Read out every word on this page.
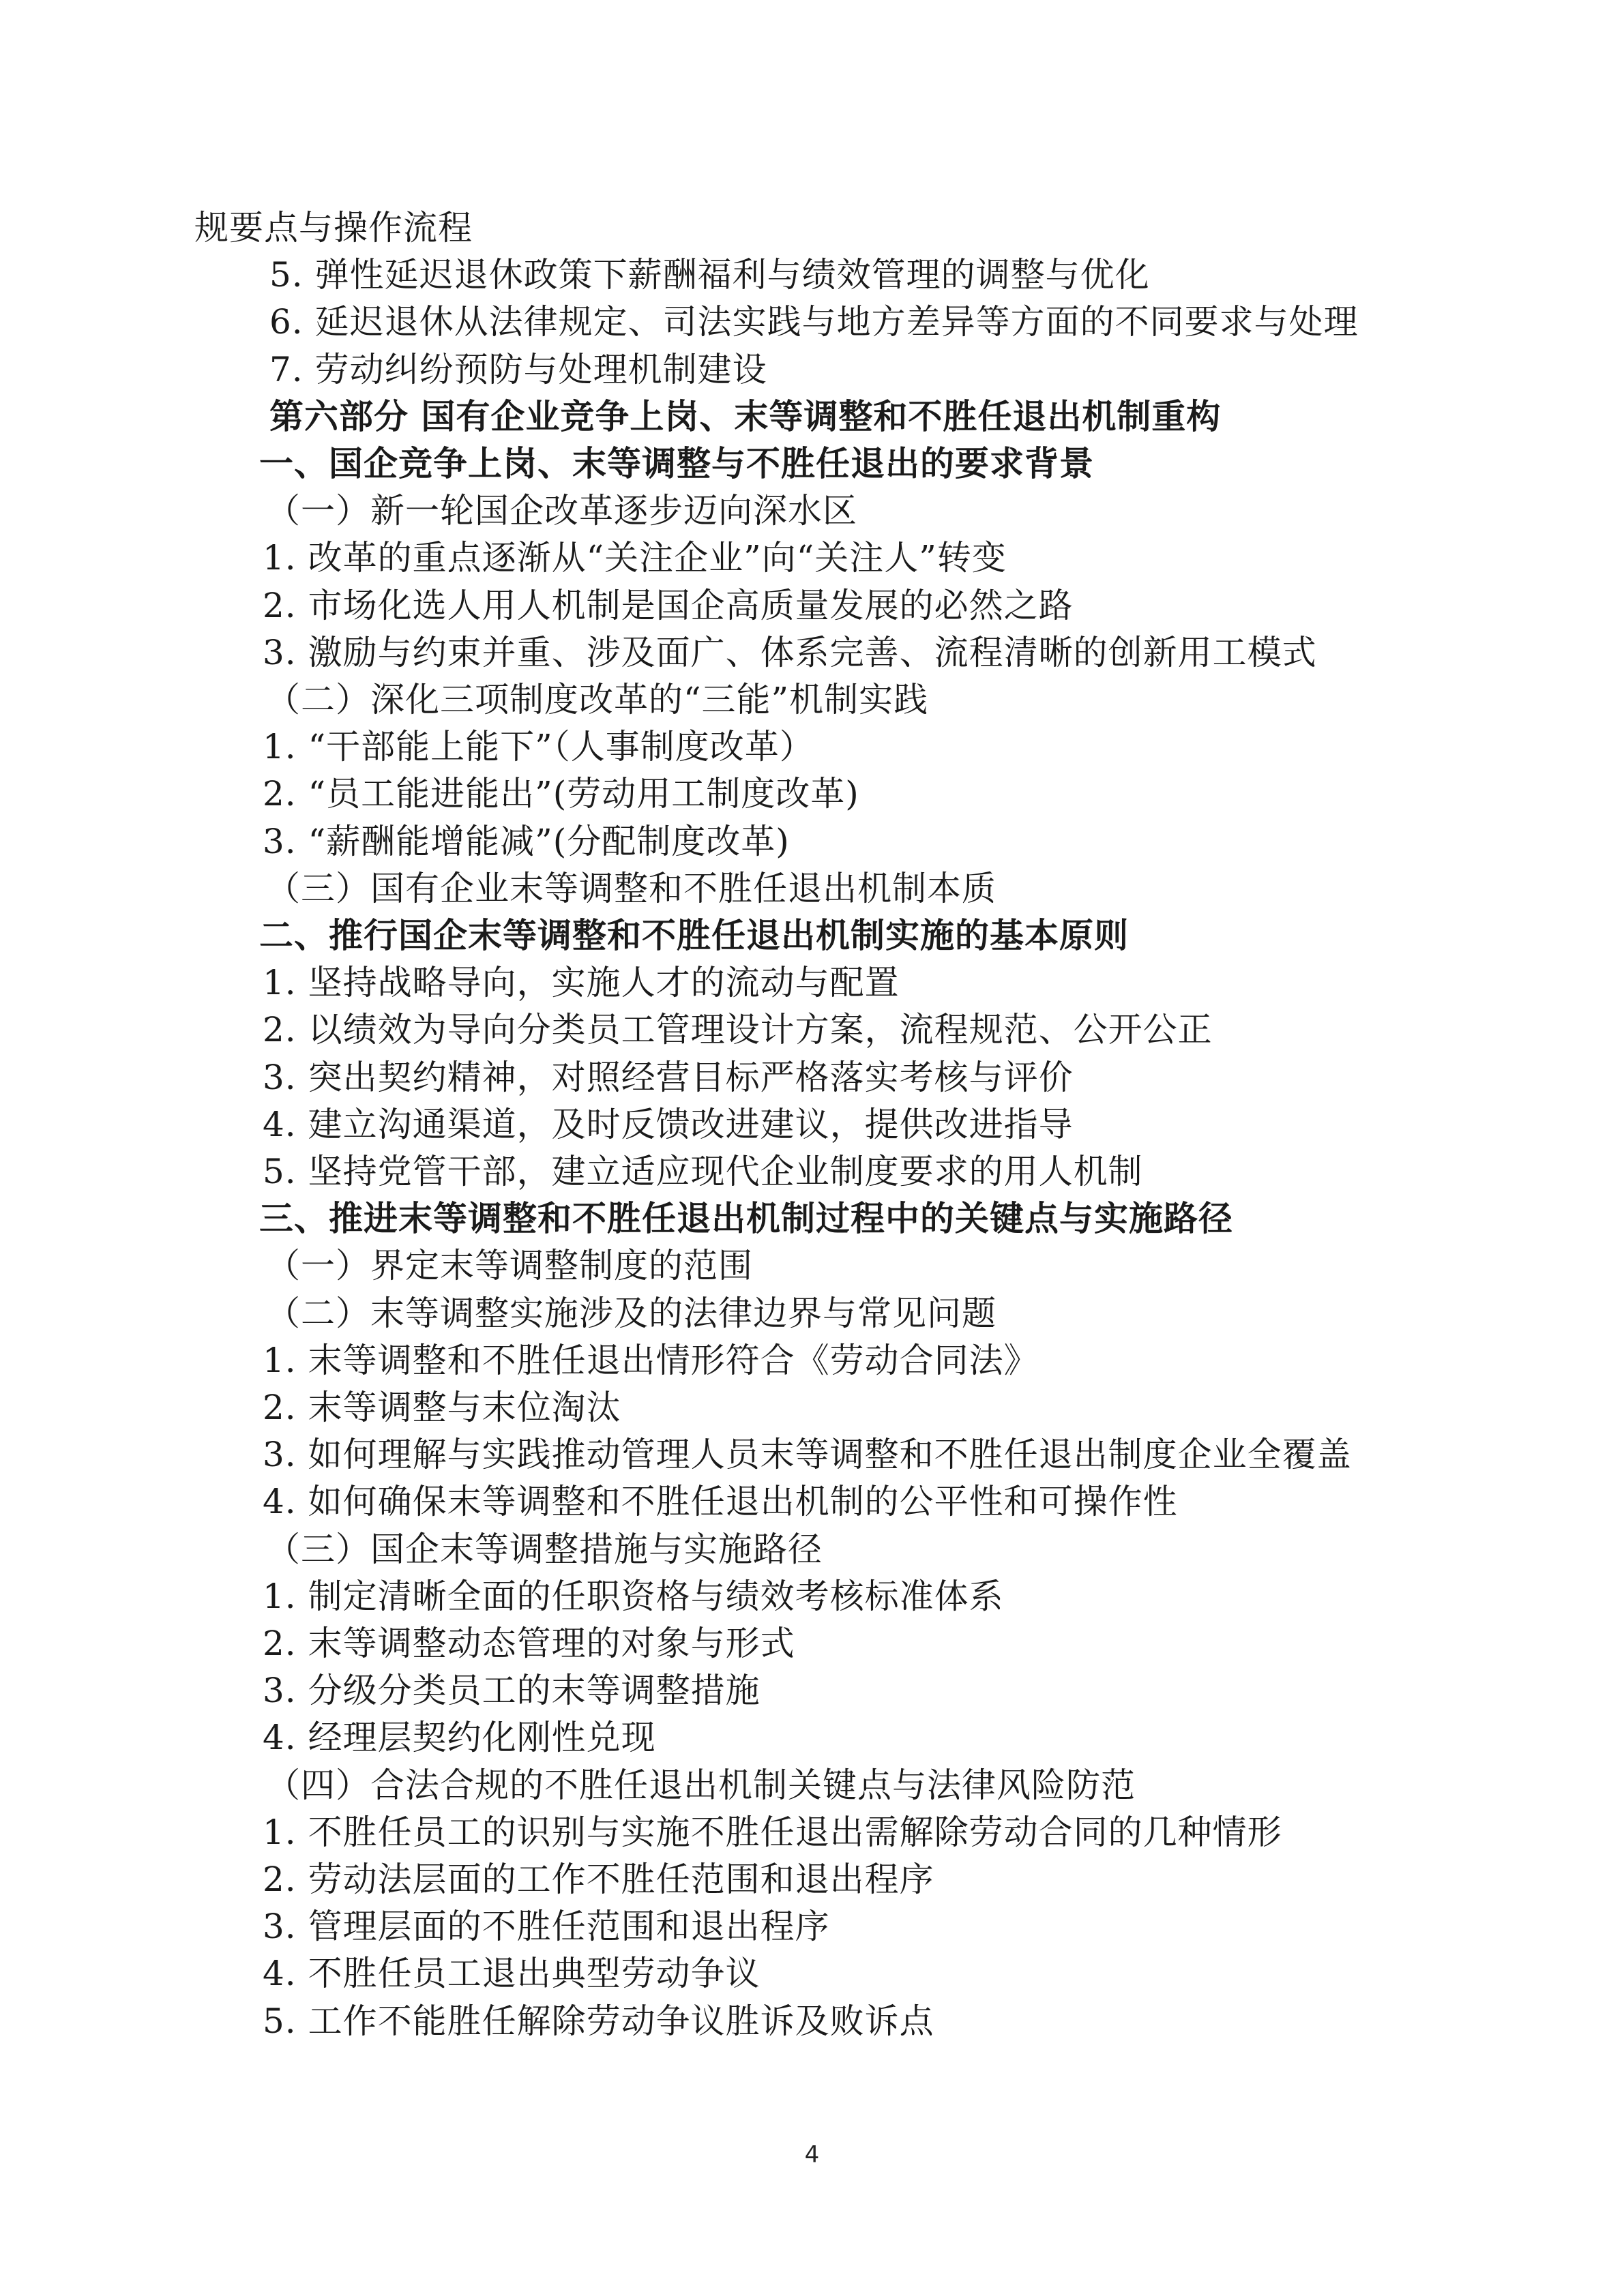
规要点与操作流程
5. 弹性延迟退休政策下薪酬福利与绩效管理的调整与优化
6. 延迟退休从法律规定、司法实践与地方差异等方面的不同要求与处理
7. 劳动纠纷预防与处理机制建设
第六部分 国有企业竞争上岗、末等调整和不胜任退出机制重构
一、国企竞争上岗、末等调整与不胜任退出的要求背景
（一）新一轮国企改革逐步迈向深水区
1. 改革的重点逐渐从“关注企业”向“关注人”转变
2. 市场化选人用人机制是国企高质量发展的必然之路
3. 激励与约束并重、涉及面广、体系完善、流程清晰的创新用工模式
（二）深化三项制度改革的“三能”机制实践
1. “干部能上能下”（人事制度改革）
2. “员工能进能出”(劳动用工制度改革)
3. “薪酬能增能减”(分配制度改革)
（三）国有企业末等调整和不胜任退出机制本质
二、推行国企末等调整和不胜任退出机制实施的基本原则
1. 坚持战略导向，实施人才的流动与配置
2. 以绩效为导向分类员工管理设计方案，流程规范、公开公正
3. 突出契约精神，对照经营目标严格落实考核与评价
4. 建立沟通渠道，及时反馈改进建议，提供改进指导
5. 坚持党管干部，建立适应现代企业制度要求的用人机制
三、推进末等调整和不胜任退出机制过程中的关键点与实施路径
（一）界定末等调整制度的范围
（二）末等调整实施涉及的法律边界与常见问题
1. 末等调整和不胜任退出情形符合《劳动合同法》
2. 末等调整与末位淘汰
3. 如何理解与实践推动管理人员末等调整和不胜任退出制度企业全覆盖
4. 如何确保末等调整和不胜任退出机制的公平性和可操作性
（三）国企末等调整措施与实施路径
1. 制定清晰全面的任职资格与绩效考核标准体系
2. 末等调整动态管理的对象与形式
3. 分级分类员工的末等调整措施
4. 经理层契约化刚性兑现
（四）合法合规的不胜任退出机制关键点与法律风险防范
1. 不胜任员工的识别与实施不胜任退出需解除劳动合同的几种情形
2. 劳动法层面的工作不胜任范围和退出程序
3. 管理层面的不胜任范围和退出程序
4. 不胜任员工退出典型劳动争议
5. 工作不能胜任解除劳动争议胜诉及败诉点
4
